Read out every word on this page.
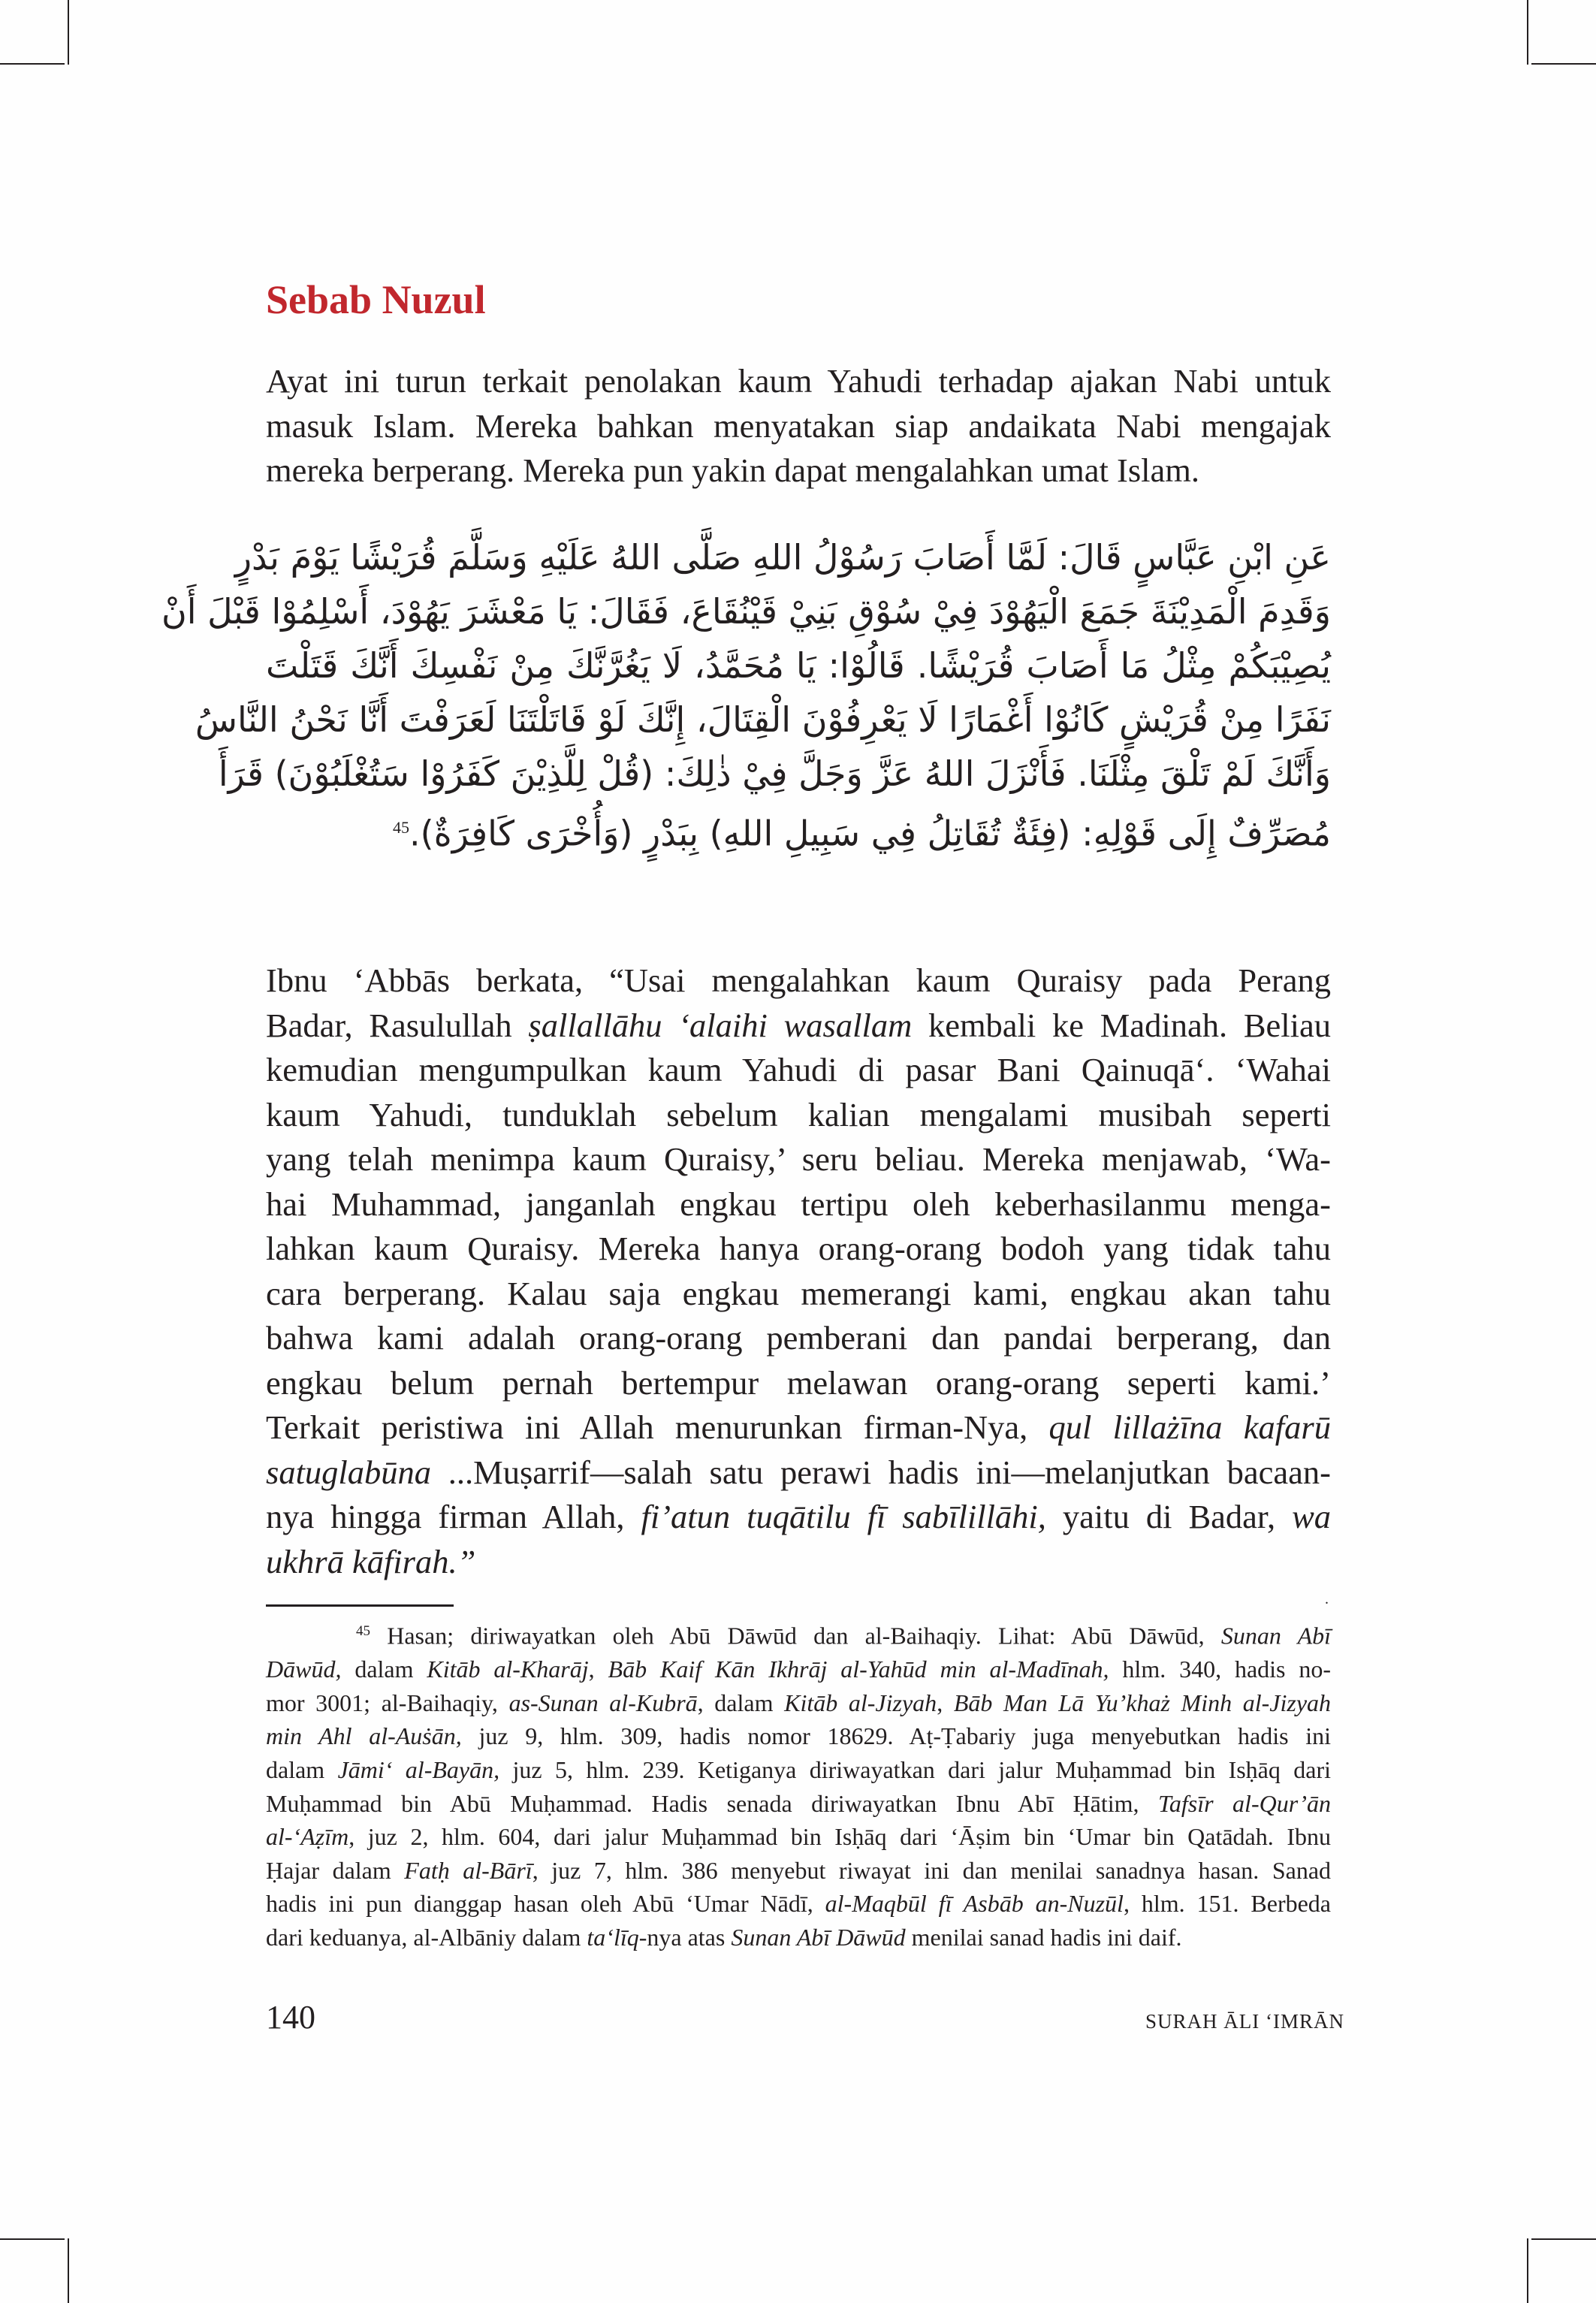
Sebab Nuzul

Ayat ini turun terkait penolakan kaum Yahudi terhadap ajakan Nabi untuk
masuk Islam. Mereka bahkan menyatakan siap andaikata Nabi mengajak
mereka berperang. Mereka pun yakin dapat mengalahkan umat Islam.

عَنِ ابْنِ عَبَّاسٍ قَالَ: لَمَّا أَصَابَ رَسُوْلُ اللهِ صَلَّى اللهُ عَلَيْهِ وَسَلَّمَ قُرَيْشًا يَوْمَ بَدْرٍ
وَقَدِمَ الْمَدِيْنَةَ جَمَعَ الْيَهُوْدَ فِيْ سُوْقِ بَنِيْ قَيْنُقَاعَ، فَقَالَ: يَا مَعْشَرَ يَهُوْدَ، أَسْلِمُوْا قَبْلَ أَنْ
يُصِيْبَكُمْ مِثْلُ مَا أَصَابَ قُرَيْشًا. قَالُوْا: يَا مُحَمَّدُ، لَا يَغُرَّنَّكَ مِنْ نَفْسِكَ أَنَّكَ قَتَلْتَ
نَفَرًا مِنْ قُرَيْشٍ كَانُوْا أَغْمَارًا لَا يَعْرِفُوْنَ الْقِتَالَ، إِنَّكَ لَوْ قَاتَلْتَنَا لَعَرَفْتَ أَنَّا نَحْنُ النَّاسُ
وَأَنَّكَ لَمْ تَلْقَ مِثْلَنَا. فَأَنْزَلَ اللهُ عَزَّ وَجَلَّ فِيْ ذٰلِكَ: (قُلْ لِلَّذِيْنَ كَفَرُوْا سَتُغْلَبُوْنَ) قَرَأَ
مُصَرِّفٌ إِلَى قَوْلِهِ: (فِئَةٌ تُقَاتِلُ فِي سَبِيلِ اللهِ) بِبَدْرٍ (وَأُخْرَى كَافِرَةٌ).$^{45}$

Ibnu ‘Abbās berkata, “Usai mengalahkan kaum Quraisy pada Perang
Badar, Rasulullah ṣallallāhu ‘alaihi wasallam kembali ke Madinah. Beliau
kemudian mengumpulkan kaum Yahudi di pasar Bani Qainuqā‘. ‘Wahai
kaum Yahudi, tunduklah sebelum kalian mengalami musibah seperti
yang telah menimpa kaum Quraisy,’ seru beliau. Mereka menjawab, ‘Wa-
hai Muhammad, janganlah engkau tertipu oleh keberhasilanmu menga-
lahkan kaum Quraisy. Mereka hanya orang-orang bodoh yang tidak tahu
cara berperang. Kalau saja engkau memerangi kami, engkau akan tahu
bahwa kami adalah orang-orang pemberani dan pandai berperang, dan
engkau belum pernah bertempur melawan orang-orang seperti kami.’
Terkait peristiwa ini Allah menurunkan firman-Nya, qul lillażīna kafarū
satuglabūna ...Muṣarrif—salah satu perawi hadis ini—melanjutkan bacaan-
nya hingga firman Allah, fi’atun tuqātilu fī sabīlillāhi, yaitu di Badar, wa
ukhrā kāfirah.”

.

$^{45}$ Hasan; diriwayatkan oleh Abū Dāwūd dan al-Baihaqiy. Lihat: Abū Dāwūd, Sunan Abī
Dāwūd, dalam Kitāb al-Kharāj, Bāb Kaif Kān Ikhrāj al-Yahūd min al-Madīnah, hlm. 340, hadis no-
mor 3001; al-Baihaqiy, as-Sunan al-Kubrā, dalam Kitāb al-Jizyah, Bāb Man Lā Yu’khaż Minh al-Jizyah
min Ahl al-Auṡān, juz 9, hlm. 309, hadis nomor 18629. Aṭ-Ṭabariy juga menyebutkan hadis ini
dalam Jāmi‘ al-Bayān, juz 5, hlm. 239. Ketiganya diriwayatkan dari jalur Muḥammad bin Isḥāq dari
Muḥammad bin Abū Muḥammad. Hadis senada diriwayatkan Ibnu Abī Ḥātim, Tafsīr al-Qur’ān
al-‘Aẓīm, juz 2, hlm. 604, dari jalur Muḥammad bin Isḥāq dari ‘Āṣim bin ‘Umar bin Qatādah. Ibnu
Ḥajar dalam Fatḥ al-Bārī, juz 7, hlm. 386 menyebut riwayat ini dan menilai sanadnya hasan. Sanad
hadis ini pun dianggap hasan oleh Abū ‘Umar Nādī, al-Maqbūl fī Asbāb an-Nuzūl, hlm. 151. Berbeda
dari keduanya, al-Albāniy dalam ta‘līq-nya atas Sunan Abī Dāwūd menilai sanad hadis ini daif.

140	SURAH ĀLI ‘IMRĀN
